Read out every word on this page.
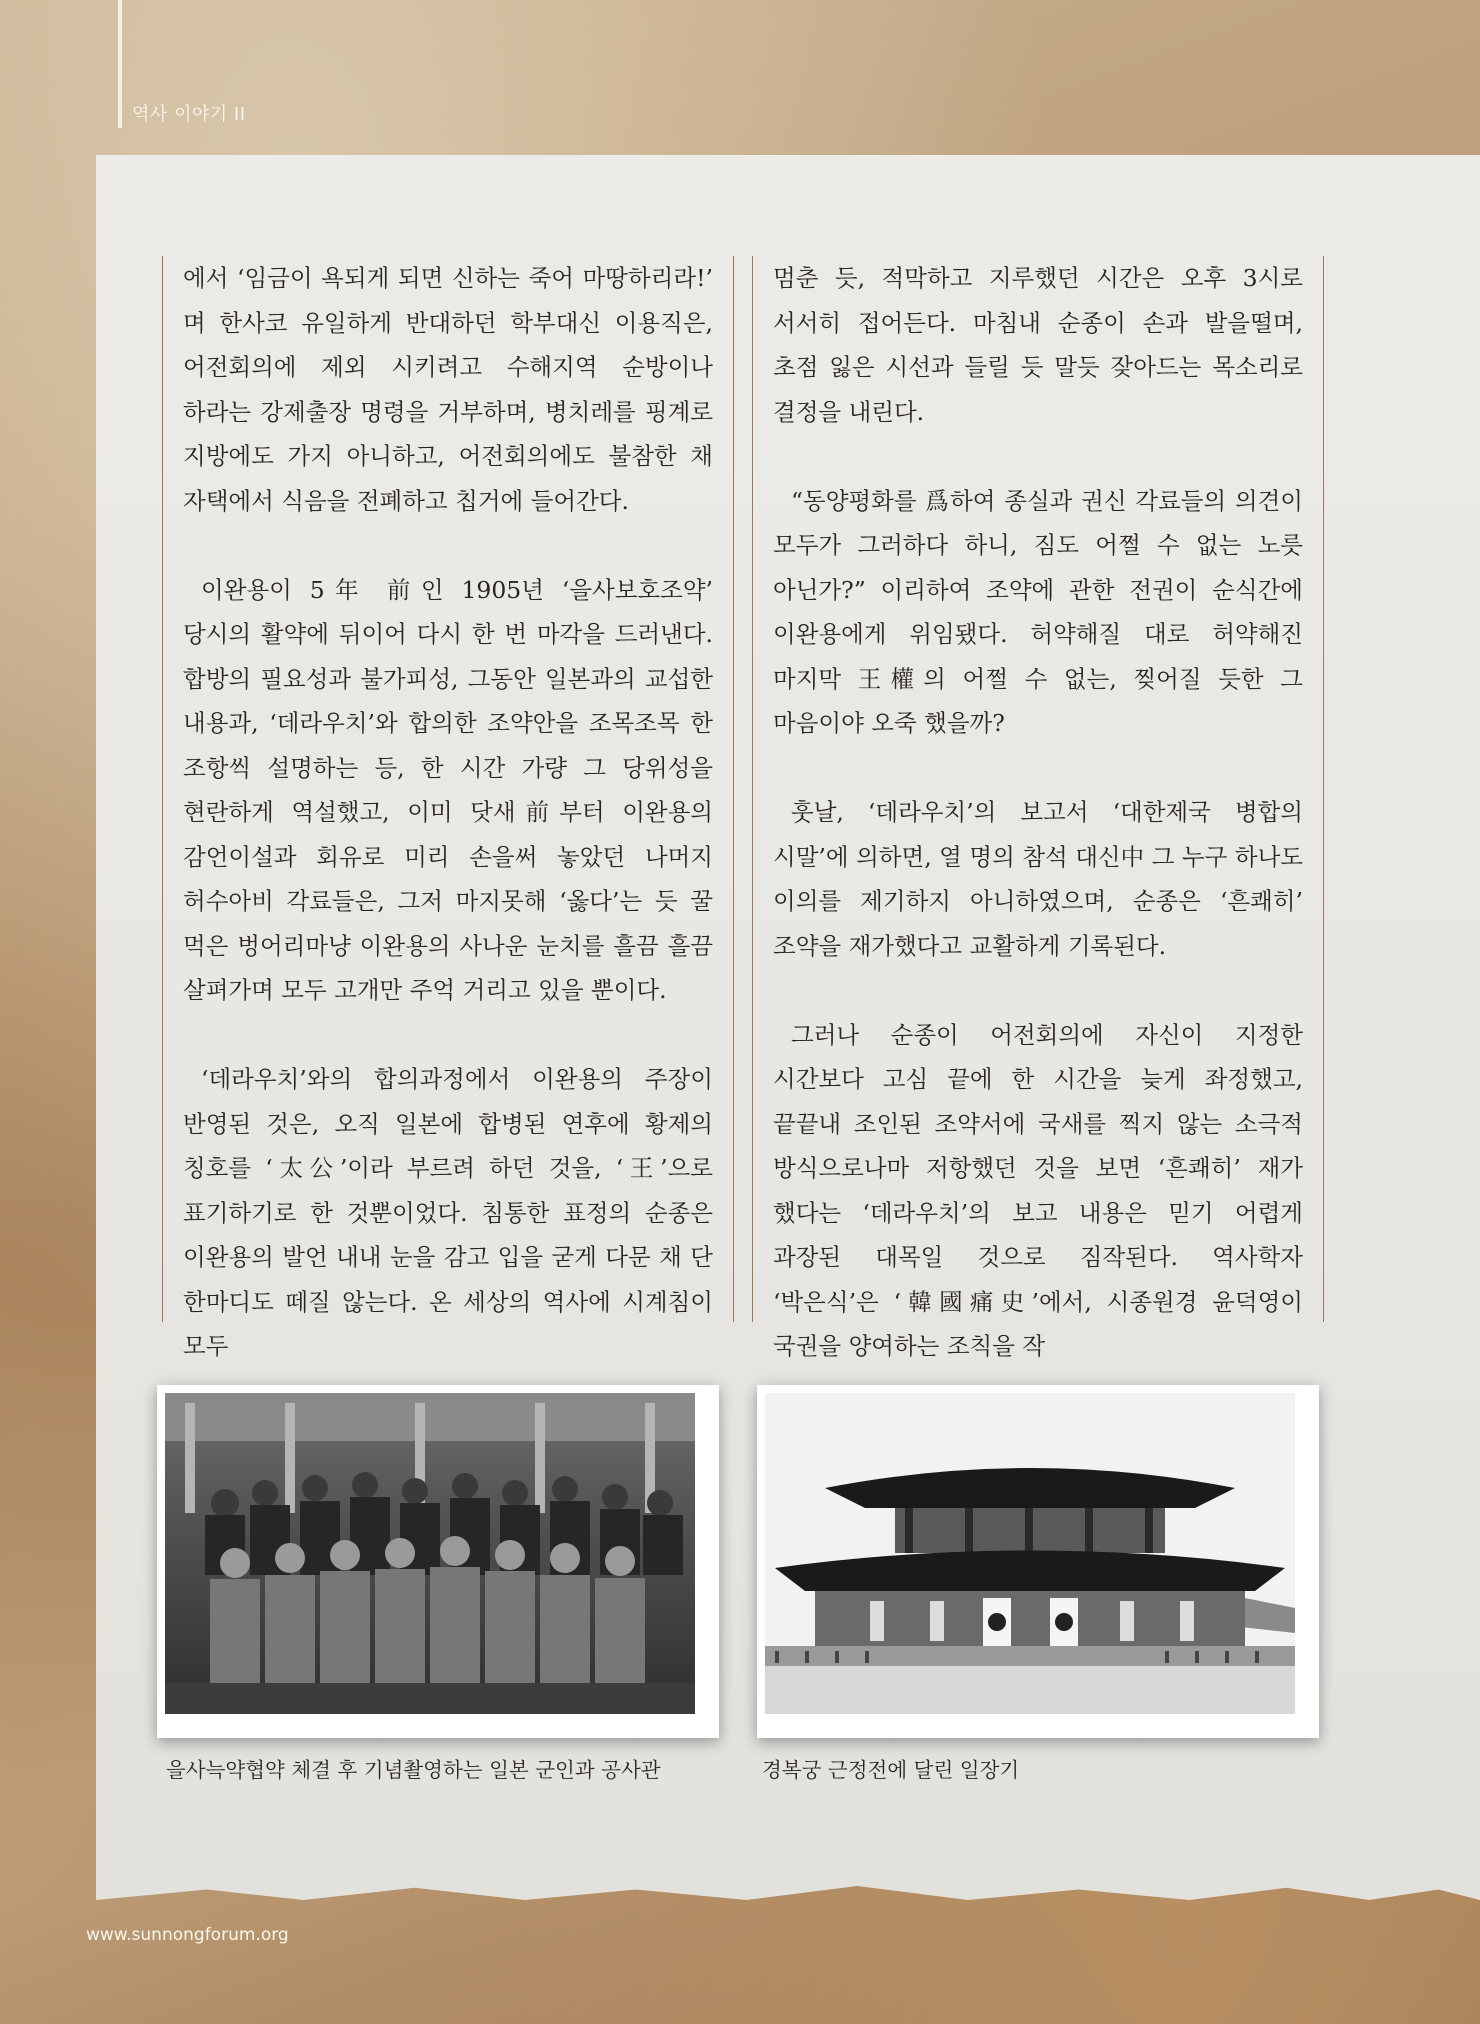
역사 이야기 II

에서 ‘임금이 욕되게 되면 신하는 죽어 마땅하리라!’ 며 한사코 유일하게 반대하던 학부대신 이용직은, 어전회의에 제외 시키려고 수해지역 순방이나 하라는 강제출장 명령을 거부하며, 병치레를 핑계로 지방에도 가지 아니하고, 어전회의에도 불참한 채 자택에서 식음을 전폐하고 칩거에 들어간다.

이완용이 5年 前인 1905년 ‘을사보호조약’ 당시의 활약에 뒤이어 다시 한 번 마각을 드러낸다. 합방의 필요성과 불가피성, 그동안 일본과의 교섭한 내용과, ‘데라우치’와 합의한 조약안을 조목조목 한 조항씩 설명하는 등, 한 시간 가량 그 당위성을 현란하게 역설했고, 이미 닷새前부터 이완용의 감언이설과 회유로 미리 손을써 놓았던 나머지 허수아비 각료들은, 그저 마지못해 ‘옳다’는 듯 꿀 먹은 벙어리마냥 이완용의 사나운 눈치를 흘끔 흘끔 살펴가며 모두 고개만 주억 거리고 있을 뿐이다.

‘데라우치’와의 합의과정에서 이완용의 주장이 반영된 것은, 오직 일본에 합병된 연후에 황제의 칭호를 ‘太公’이라 부르려 하던 것을, ‘王’으로 표기하기로 한 것뿐이었다. 침통한 표정의 순종은 이완용의 발언 내내 눈을 감고 입을 굳게 다문 채 단 한마디도 떼질 않는다. 온 세상의 역사에 시계침이 모두

멈춘 듯, 적막하고 지루했던 시간은 오후 3시로 서서히 접어든다. 마침내 순종이 손과 발을떨며, 초점 잃은 시선과 들릴 듯 말듯 잦아드는 목소리로 결정을 내린다.

“동양평화를 爲하여 종실과 권신 각료들의 의견이 모두가 그러하다 하니, 짐도 어쩔 수 없는 노릇 아닌가?” 이리하여 조약에 관한 전권이 순식간에 이완용에게 위임됐다. 허약해질 대로 허약해진 마지막 王權의 어쩔 수 없는, 찢어질 듯한 그 마음이야 오죽 했을까?

훗날, ‘데라우치’의 보고서 ‘대한제국 병합의 시말’에 의하면, 열 명의 참석 대신中 그 누구 하나도 이의를 제기하지 아니하였으며, 순종은 ‘흔쾌히’ 조약을 재가했다고 교활하게 기록된다.

그러나 순종이 어전회의에 자신이 지정한 시간보다 고심 끝에 한 시간을 늦게 좌정했고, 끝끝내 조인된 조약서에 국새를 찍지 않는 소극적 방식으로나마 저항했던 것을 보면 ‘흔쾌히’ 재가 했다는 ‘데라우치’의 보고 내용은 믿기 어렵게 과장된 대목일 것으로 짐작된다. 역사학자 ‘박은식’은 ‘韓國痛史’에서, 시종원경 윤덕영이 국권을 양여하는 조칙을 작

을사늑약협약 체결 후 기념촬영하는 일본 군인과 공사관	경복궁 근정전에 달린 일장기
www.sunnongforum.org
